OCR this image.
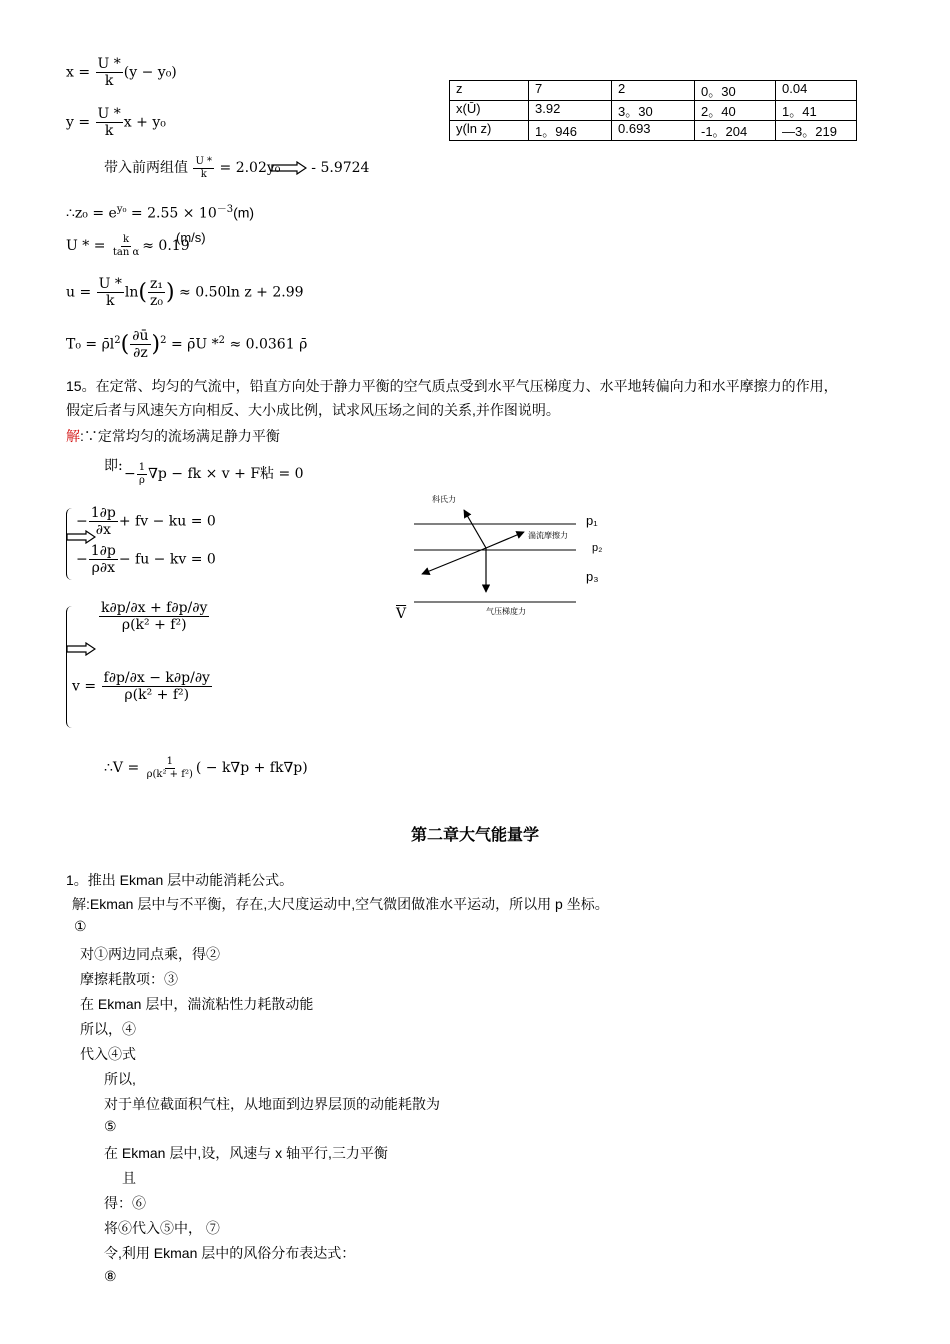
$x = \frac{U *}{k} (y - y_0)$
$y = \frac{U *}{k}$ x + y₀
带入前两组值 $\frac{U *}{k} = 2.02y_0 - 5.9724$
∴z₀ = $e^{y_0} = 2.55 \times 10^{-3}(m)$
U * = $\frac{k}{\text{tan α}} \approx 0.19$
(m/s)
$u = \frac{U *}{k} \ln( \frac{\text{z₁}}{\text{z₀}}$ ) ≈ 0.50ln z + 2.99
$T_0 = \rhōl^2( \frac{\partial ū}{\partial z} )^2$ = ρ̄U *$^2$ ≈ 0.0361 ρ̄
z	7	2	0。30	0.04
x(Ū)	3.92	3。30	2。40	1。41
y(ln z)	1。946	0.693	-1。204	—3。219
15。在定常、均匀的气流中，铅直方向处于静力平衡的空气质点受到水平气压梯度力、水平地转偏向力和水平摩擦力的作用，
假定后者与风速矢方向相反、大小成比例，试求风压场之间的关系,并作图说明。
解:∵定常均匀的流场满足静力平衡
即: − $\frac{1}{\rho} \nabla p$ − fk × v + F粘 = 0
− $\frac{1\partial p}{\partial x}$ + fv − ku = 0
− $\frac{1\partial p}{\rho\partial x}$ − fu − kv = 0
$\frac{k\partial p/\partial x + f\partial p/\partial y}{\text{ρ(k² + f²)}}$
$v = \frac{f\partial p/\partial x - k\partial p/\partial y}{\text{ρ(k² + f²)}}$
∴V = $\frac{1}{\text{ρ(k² + f²)}}$ ( − k∇p + fk∇p)
科氏力
湍流摩擦力
气压梯度力
p₁
p₂
p₃
$\overline{V}$
第二章大气能量学
1。推出 Ekman 层中动能消耗公式。
解:Ekman 层中与不平衡，存在,大尺度运动中,空气微团做准水平运动，所以用 p 坐标。
①
对①两边同点乘，得②
摩擦耗散项：③
在 Ekman 层中，湍流粘性力耗散动能
所以，④
代入④式
所以,
对于单位截面积气柱，从地面到边界层顶的动能耗散为
⑤
在 Ekman 层中,设，风速与 x 轴平行,三力平衡
且
得：⑥
将⑥代入⑤中， ⑦
令,利用 Ekman 层中的风俗分布表达式：
⑧
